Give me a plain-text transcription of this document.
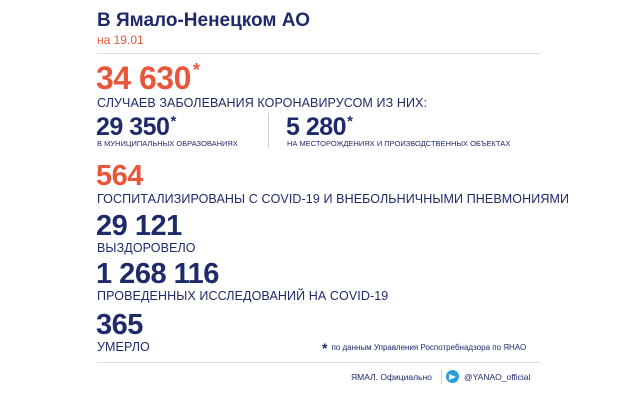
В Ямало-Ненецком АО
на 19.01
34 630 *
СЛУЧАЕВ ЗАБОЛЕВАНИЯ КОРОНАВИРУСОМ ИЗ НИХ:
29 350*
В МУНИЦИПАЛЬНЫХ ОБРАЗОВАНИЯХ
5 280*
НА МЕСТОРОЖДЕНИЯХ И ПРОИЗВОДСТВЕННЫХ ОБЪЕКТАХ
564
ГОСПИТАЛИЗИРОВАНЫ С COVID-19 И ВНЕБОЛЬНИЧНЫМИ ПНЕВМОНИЯМИ
29 121
ВЫЗДОРОВЕЛО
1 268 116
ПРОВЕДЕННЫХ ИССЛЕДОВАНИЙ НА COVID-19
365
УМЕРЛО	* по данным Управления Роспотребнадзора по ЯНАО
ЯМАЛ. Официально	@YANAO_official
